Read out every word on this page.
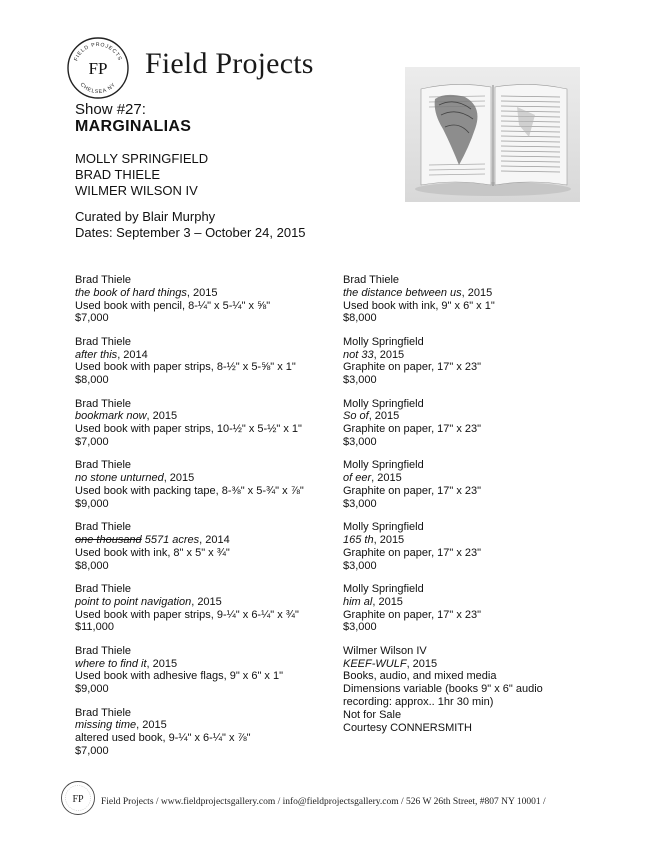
FIELD PROJECTS
CHELSEA NY
FP Field Projects
Show #27:
MARGINALIAS
MOLLY SPRINGFIELD
BRAD THIELE
WILMER WILSON IV
Curated by Blair Murphy
Dates: September 3 – October 24, 2015
Brad Thiele
the book of hard things, 2015
Used book with pencil, 8-¼" x 5-¼" x ⅝"
$7,000
Brad Thiele
after this, 2014
Used book with paper strips, 8-½" x 5-⅝" x 1"
$8,000
Brad Thiele
bookmark now, 2015
Used book with paper strips, 10-½" x 5-½" x 1"
$7,000
Brad Thiele
no stone unturned, 2015
Used book with packing tape, 8-⅜" x 5-¾" x ⅞"
$9,000
Brad Thiele
one thousand 5571 acres, 2014
Used book with ink, 8" x 5" x ¾"
$8,000
Brad Thiele
point to point navigation, 2015
Used book with paper strips, 9-¼" x 6-¼" x ¾"
$11,000
Brad Thiele
where to find it, 2015
Used book with adhesive flags, 9" x 6" x 1"
$9,000
Brad Thiele
missing time, 2015
altered used book, 9-¼" x 6-¼" x ⅞"
$7,000
Brad Thiele
the distance between us, 2015
Used book with ink, 9" x 6" x 1"
$8,000
Molly Springfield
not 33, 2015
Graphite on paper, 17" x 23"
$3,000
Molly Springfield
So of, 2015
Graphite on paper, 17" x 23"
$3,000
Molly Springfield
of eer, 2015
Graphite on paper, 17" x 23"
$3,000
Molly Springfield
165 th, 2015
Graphite on paper, 17" x 23"
$3,000
Molly Springfield
him al, 2015
Graphite on paper, 17" x 23"
$3,000
Wilmer Wilson IV
KEEF-WULF, 2015
Books, audio, and mixed media
Dimensions variable (books 9" x 6" audio
recording: approx.. 1hr 30 min)
Not for Sale
Courtesy CONNERSMITH
FP Field Projects / www.fieldprojectsgallery.com / info@fieldprojectsgallery.com / 526 W 26th Street, #807 NY 10001 /
